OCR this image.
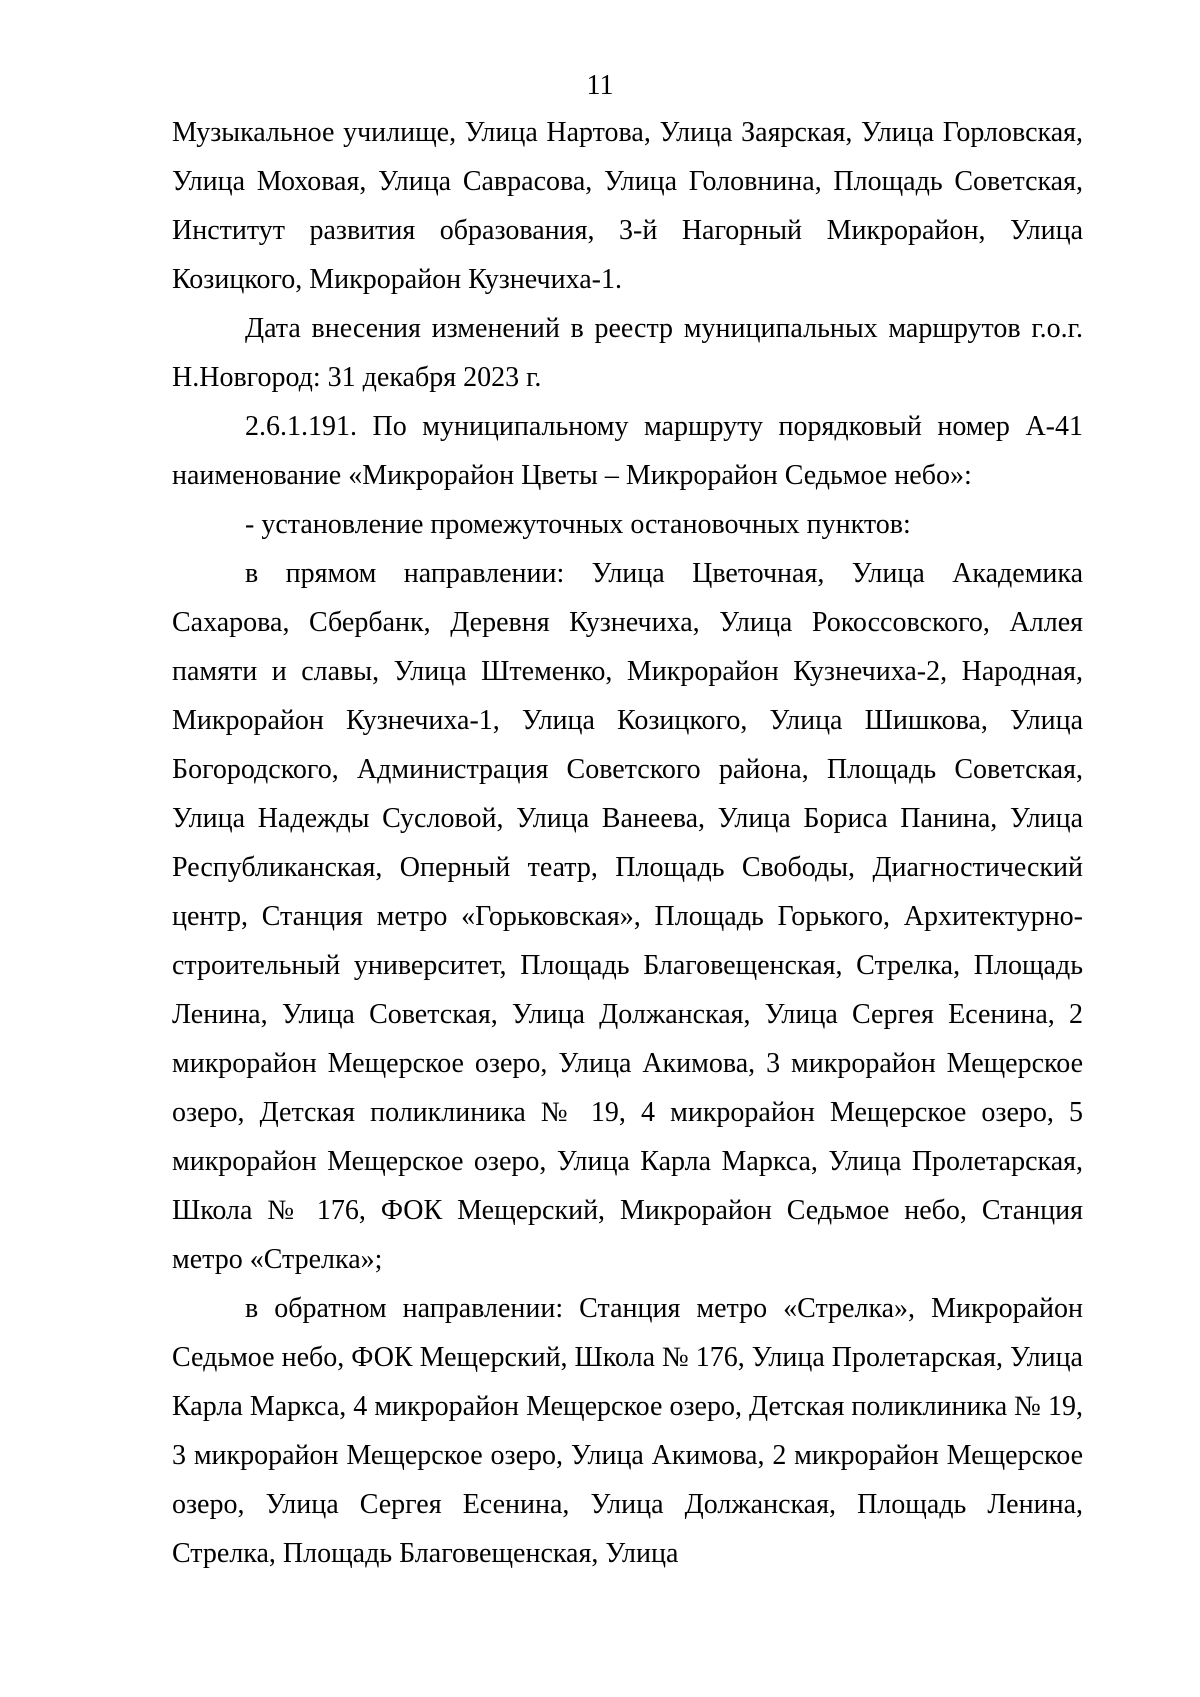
11

Музыкальное училище, Улица Нартова, Улица Заярская, Улица Горловская, Улица Моховая, Улица Саврасова, Улица Головнина, Площадь Советская, Институт развития образования, 3-й Нагорный Микрорайон, Улица Козицкого, Микрорайон Кузнечиха-1.

Дата внесения изменений в реестр муниципальных маршрутов г.о.г. Н.Новгород: 31 декабря 2023 г.

2.6.1.191. По муниципальному маршруту порядковый номер А-41 наименование «Микрорайон Цветы – Микрорайон Седьмое небо»:

- установление промежуточных остановочных пунктов:

в прямом направлении: Улица Цветочная, Улица Академика Сахарова, Сбербанк, Деревня Кузнечиха, Улица Рокоссовского, Аллея памяти и славы, Улица Штеменко, Микрорайон Кузнечиха-2, Народная, Микрорайон Кузнечиха-1, Улица Козицкого, Улица Шишкова, Улица Богородского, Администрация Советского района, Площадь Советская, Улица Надежды Сусловой, Улица Ванеева, Улица Бориса Панина, Улица Республиканская, Оперный театр, Площадь Свободы, Диагностический центр, Станция метро «Горьковская», Площадь Горького, Архитектурно-строительный университет, Площадь Благовещенская, Стрелка, Площадь Ленина, Улица Советская, Улица Должанская, Улица Сергея Есенина, 2 микрорайон Мещерское озеро, Улица Акимова, 3 микрорайон Мещерское озеро, Детская поликлиника № 19, 4 микрорайон Мещерское озеро, 5 микрорайон Мещерское озеро, Улица Карла Маркса, Улица Пролетарская, Школа № 176, ФОК Мещерский, Микрорайон Седьмое небо, Станция метро «Стрелка»;

в обратном направлении: Станция метро «Стрелка», Микрорайон Седьмое небо, ФОК Мещерский, Школа № 176, Улица Пролетарская, Улица Карла Маркса, 4 микрорайон Мещерское озеро, Детская поликлиника № 19, 3 микрорайон Мещерское озеро, Улица Акимова, 2 микрорайон Мещерское озеро, Улица Сергея Есенина, Улица Должанская, Площадь Ленина, Стрелка, Площадь Благовещенская, Улица
